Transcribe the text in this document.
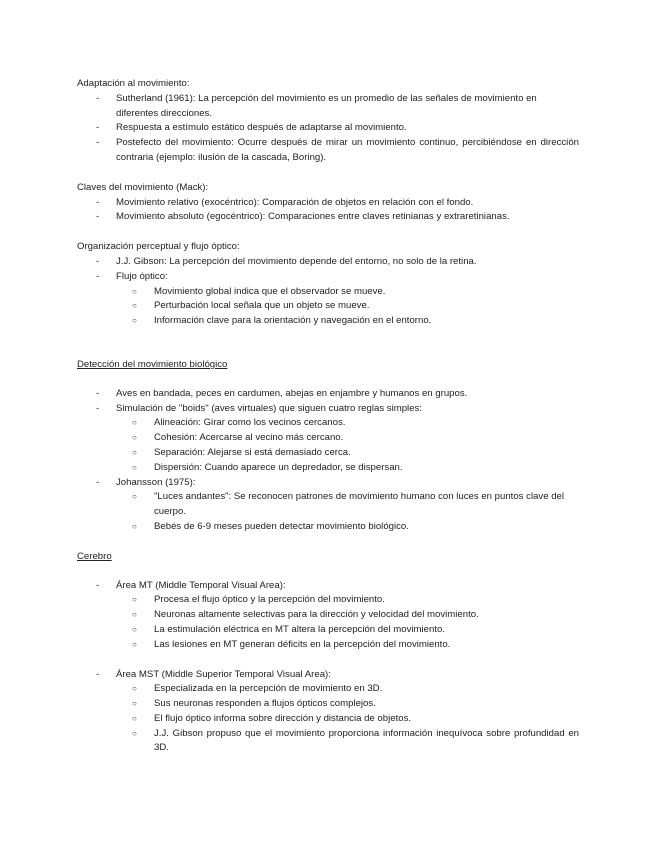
Adaptación al movimiento:

- Sutherland (1961): La percepción del movimiento es un promedio de las señales de movimiento en diferentes direcciones.
- Respuesta a estímulo estático después de adaptarse al movimiento.
- Postefecto del movimiento: Ocurre después de mirar un movimiento continuo, percibiéndose en dirección contraria (ejemplo: ilusión de la cascada, Boring).

Claves del movimiento (Mack):

- Movimiento relativo (exocéntrico): Comparación de objetos en relación con el fondo.
- Movimiento absoluto (egocéntrico): Comparaciones entre claves retinianas y extraretinianas.

Organización perceptual y flujo óptico:

- J.J. Gibson: La percepción del movimiento depende del entorno, no solo de la retina.
- Flujo óptico:
○ Movimiento global indica que el observador se mueve.
○ Perturbación local señala que un objeto se mueve.
○ Información clave para la orientación y navegación en el entorno.

Detección del movimiento biológico

- Aves en bandada, peces en cardumen, abejas en enjambre y humanos en grupos.
- Simulación de "boids" (aves virtuales) que siguen cuatro reglas simples:
○ Alineación: Girar como los vecinos cercanos.
○ Cohesión: Acercarse al vecino más cercano.
○ Separación: Alejarse si está demasiado cerca.
○ Dispersión: Cuando aparece un depredador, se dispersan.
- Johansson (1975):
○ "Luces andantes": Se reconocen patrones de movimiento humano con luces en puntos clave del cuerpo.
○ Bebés de 6-9 meses pueden detectar movimiento biológico.

Cerebro

- Área MT (Middle Temporal Visual Area):
○ Procesa el flujo óptico y la percepción del movimiento.
○ Neuronas altamente selectivas para la dirección y velocidad del movimiento.
○ La estimulación eléctrica en MT altera la percepción del movimiento.
○ Las lesiones en MT generan déficits en la percepción del movimiento.
- Área MST (Middle Superior Temporal Visual Area):
○ Especializada en la percepción de movimiento en 3D.
○ Sus neuronas responden a flujos ópticos complejos.
○ El flujo óptico informa sobre dirección y distancia de objetos.
○ J.J. Gibson propuso que el movimiento proporciona información inequívoca sobre profundidad en 3D.
